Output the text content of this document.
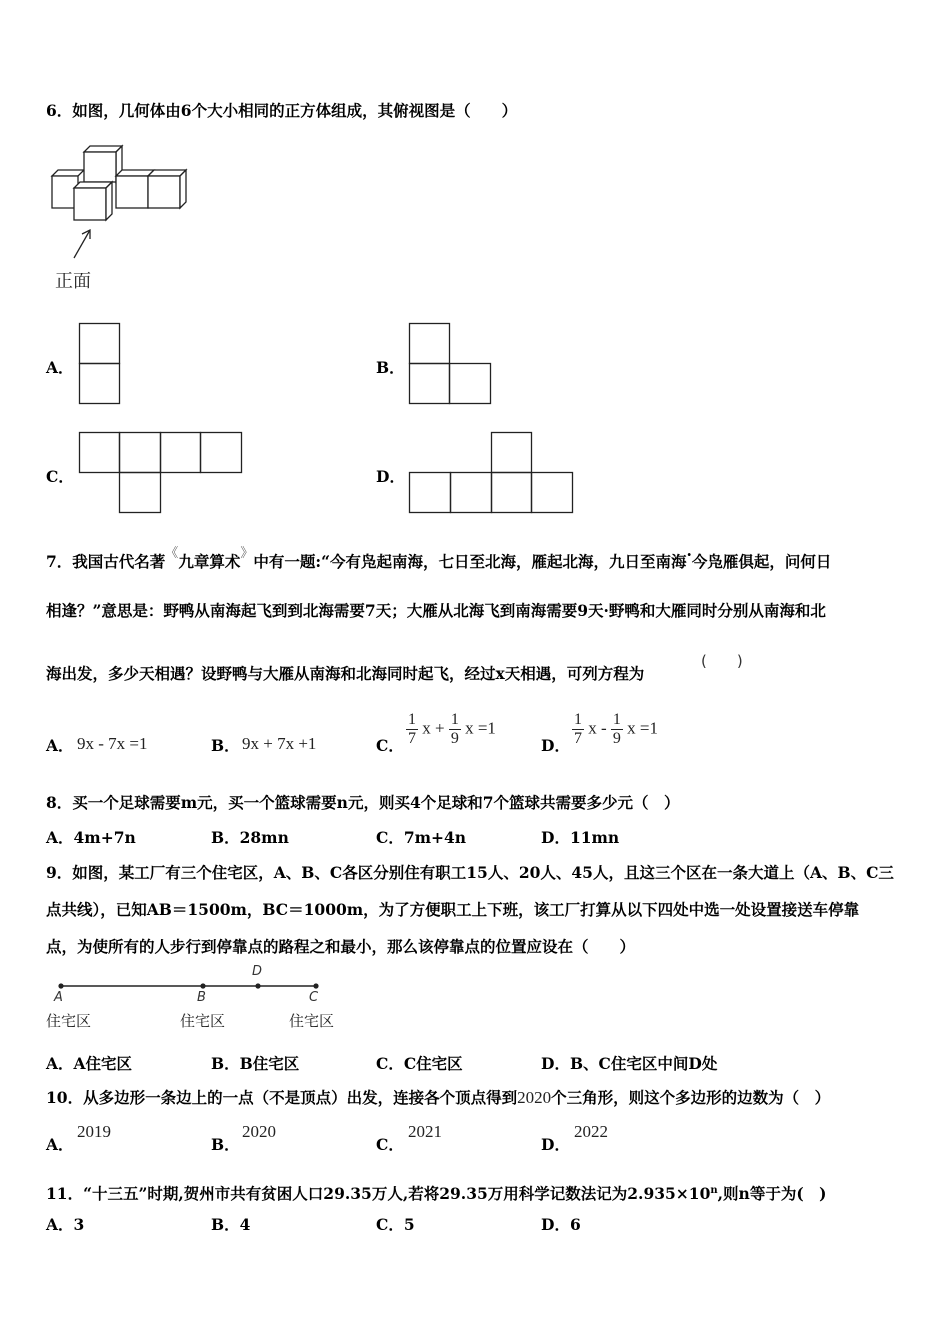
6．如图，几何体由6个大小相同的正方体组成，其俯视图是（　　）
正面
A．	B．
C．	D．
7．我国古代名著《九章算术》中有一题:“今有凫起南海，七日至北海，雁起北海，九日至南海·今凫雁俱起，问何日
相逢？”意思是：野鸭从南海起飞到到北海需要7天；大雁从北海飞到南海需要9天·野鸭和大雁同时分别从南海和北
海出发，多少天相遇？设野鸭与大雁从南海和北海同时起飞，经过x天相遇，可列方程为
(　　)
A． 9x - 7x =1	B． 9x + 7x +1	C． $\frac{1}{7}$ $x + \frac{1}{9}$ x =1
D． $\frac{1}{7}$ x - $\frac{1}{9}$ x =1
8．买一个足球需要m元，买一个篮球需要n元，则买4个足球和7个篮球共需要多少元（　）
A．4m+7n	B．28mn	C．7m+4n	D．11mn
9．如图，某工厂有三个住宅区，A、B、C各区分别住有职工15人、20人、45人，且这三个区在一条大道上（A、B、C三
点共线），已知AB＝1500m，BC＝1000m，为了方便职工上下班，该工厂打算从以下四处中选一处设置接送车停靠
点，为使所有的人步行到停靠点的路程之和最小，那么该停靠点的位置应设在（　　）
A	B
D
C
住宅区	住宅区	住宅区
A．A住宅区	B．B住宅区	C．C住宅区	D．B、C住宅区中间D处
10．从多边形一条边上的一点（不是顶点）出发，连接各个顶点得到2020个三角形，则这个多边形的边数为（　）
A．
2019
B．
2020
C．
2021
D．
2022
11．“十三五”时期,贺州市共有贫困人口29.35万人,若将29.35万用科学记数法记为$2.935\times 10^n$,则n等于为(　)
A．3	B．4	C．5	D．6
